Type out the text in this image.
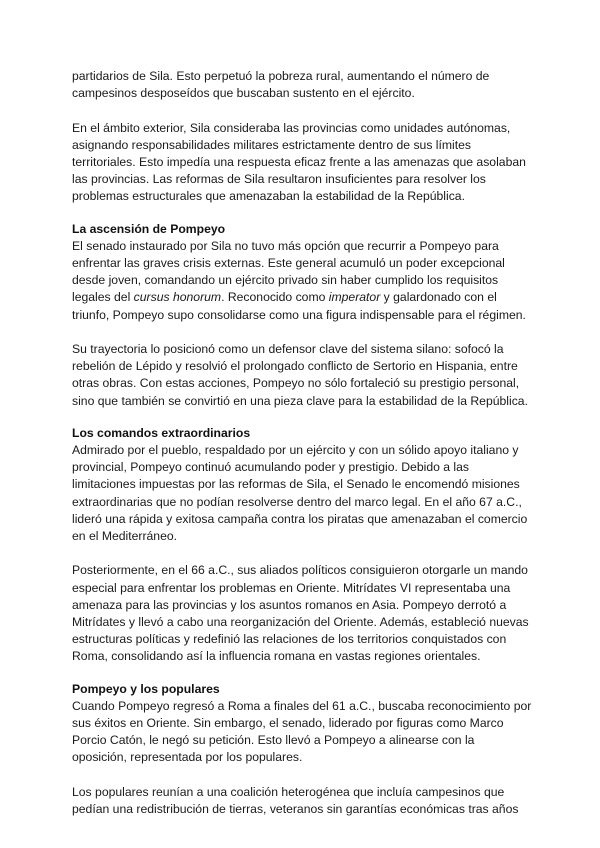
partidarios de Sila. Esto perpetuó la pobreza rural, aumentando el número de campesinos desposeídos que buscaban sustento en el ejército.

En el ámbito exterior, Sila consideraba las provincias como unidades autónomas, asignando responsabilidades militares estrictamente dentro de sus límites territoriales. Esto impedía una respuesta eficaz frente a las amenazas que asolaban las provincias. Las reformas de Sila resultaron insuficientes para resolver los problemas estructurales que amenazaban la estabilidad de la República.

La ascensión de Pompeyo

El senado instaurado por Sila no tuvo más opción que recurrir a Pompeyo para enfrentar las graves crisis externas. Este general acumuló un poder excepcional desde joven, comandando un ejército privado sin haber cumplido los requisitos legales del cursus honorum. Reconocido como imperator y galardonado con el triunfo, Pompeyo supo consolidarse como una figura indispensable para el régimen.

Su trayectoria lo posicionó como un defensor clave del sistema silano: sofocó la rebelión de Lépido y resolvió el prolongado conflicto de Sertorio en Hispania, entre otras obras. Con estas acciones, Pompeyo no sólo fortaleció su prestigio personal, sino que también se convirtió en una pieza clave para la estabilidad de la República.

Los comandos extraordinarios

Admirado por el pueblo, respaldado por un ejército y con un sólido apoyo italiano y provincial, Pompeyo continuó acumulando poder y prestigio. Debido a las limitaciones impuestas por las reformas de Sila, el Senado le encomendó misiones extraordinarias que no podían resolverse dentro del marco legal. En el año 67 a.C., lideró una rápida y exitosa campaña contra los piratas que amenazaban el comercio en el Mediterráneo.

Posteriormente, en el 66 a.C., sus aliados políticos consiguieron otorgarle un mando especial para enfrentar los problemas en Oriente. Mitrídates VI representaba una amenaza para las provincias y los asuntos romanos en Asia. Pompeyo derrotó a Mitrídates y llevó a cabo una reorganización del Oriente. Además, estableció nuevas estructuras políticas y redefinió las relaciones de los territorios conquistados con Roma, consolidando así la influencia romana en vastas regiones orientales.

Pompeyo y los populares

Cuando Pompeyo regresó a Roma a finales del 61 a.C., buscaba reconocimiento por sus éxitos en Oriente. Sin embargo, el senado, liderado por figuras como Marco Porcio Catón, le negó su petición. Esto llevó a Pompeyo a alinearse con la oposición, representada por los populares.

Los populares reunían a una coalición heterogénea que incluía campesinos que pedían una redistribución de tierras, veteranos sin garantías económicas tras años
